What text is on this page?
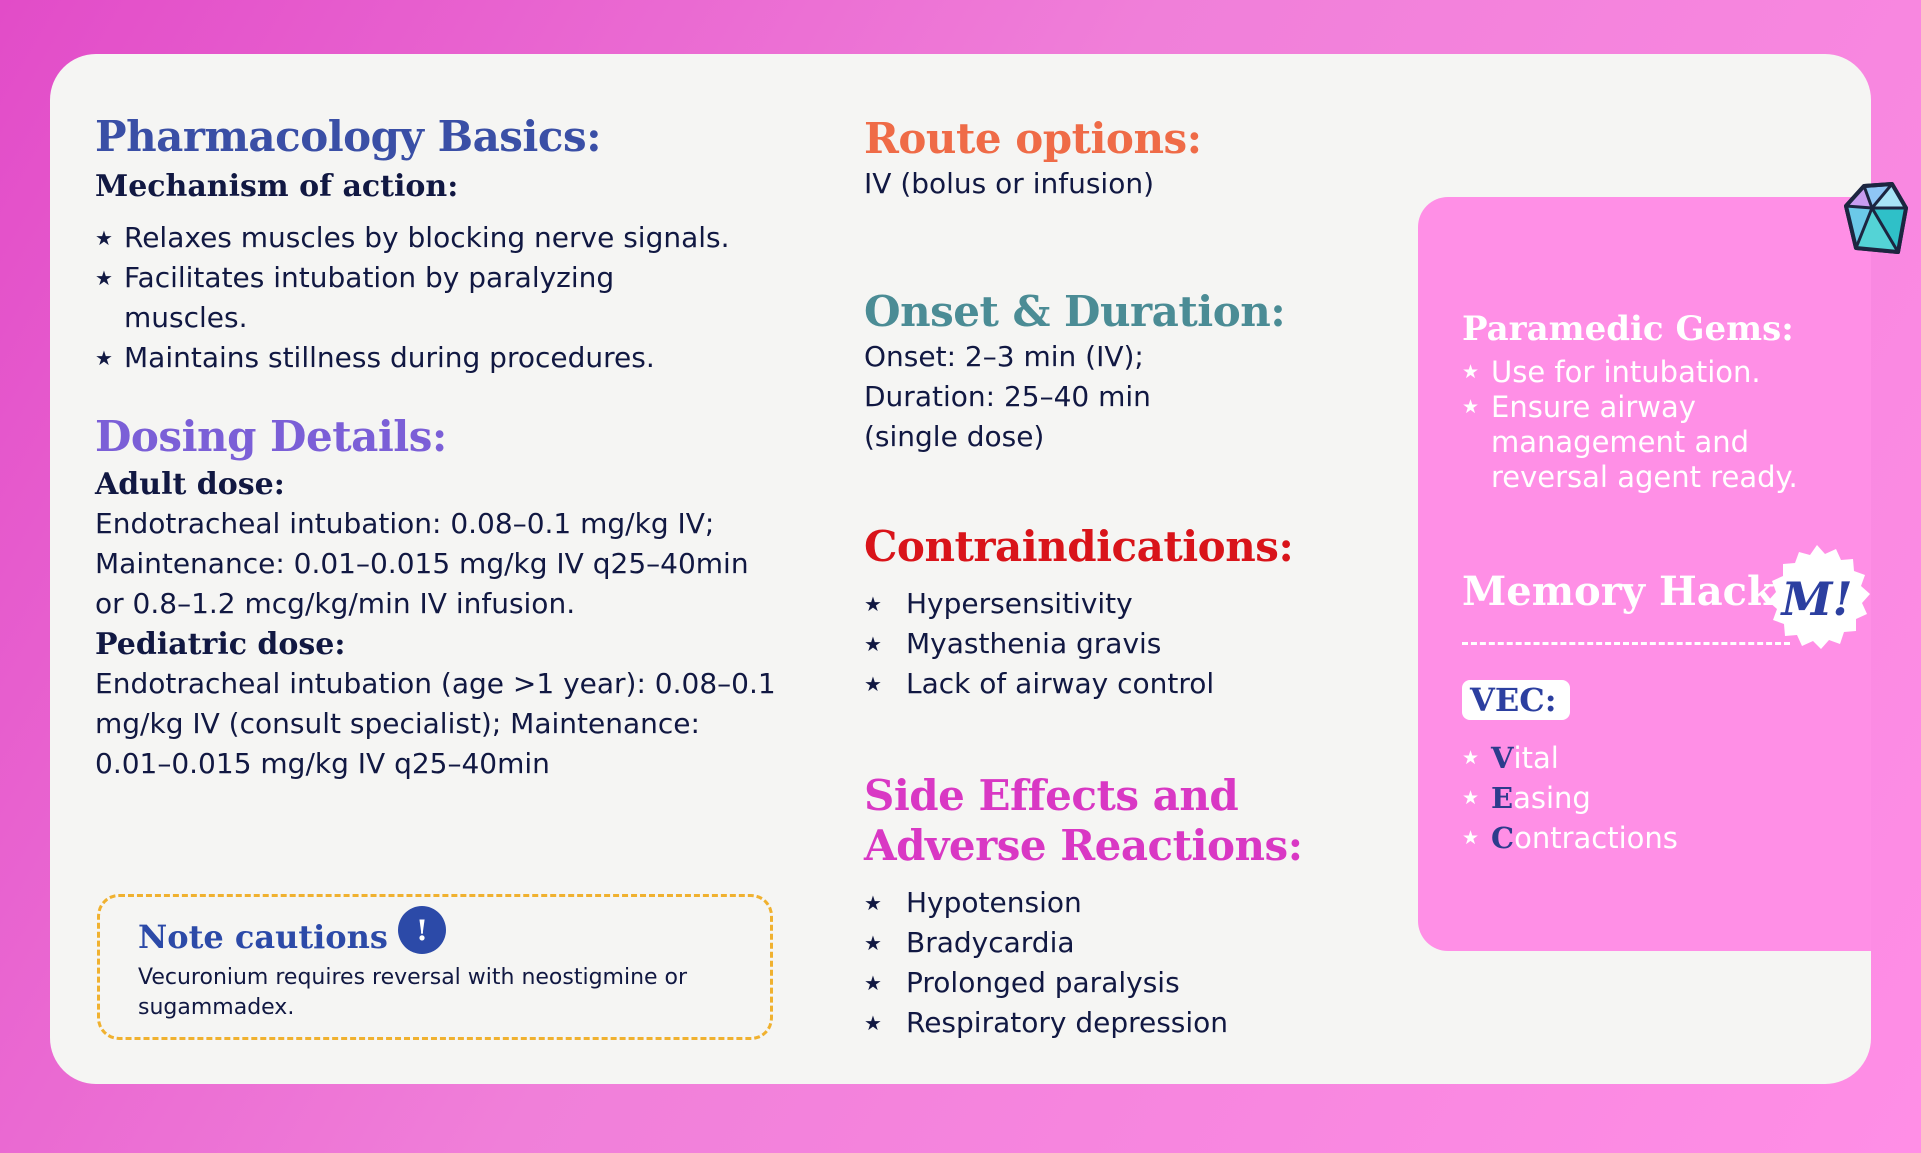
Pharmacology Basics:
Mechanism of action:
★ Relaxes muscles by blocking nerve signals.
★ Facilitates intubation by paralyzing muscles.
★ Maintains stillness during procedures.
Dosing Details:
Adult dose:
Endotracheal intubation: 0.08–0.1 mg/kg IV; Maintenance: 0.01–0.015 mg/kg IV q25–40min or 0.8–1.2 mcg/kg/min IV infusion.
Pediatric dose:
Endotracheal intubation (age >1 year): 0.08–0.1 mg/kg IV (consult specialist); Maintenance: 0.01–0.015 mg/kg IV q25–40min
Note cautions !
Vecuronium requires reversal with neostigmine or sugammadex.
Route options:
IV (bolus or infusion)
Onset & Duration:
Onset: 2–3 min (IV);
Duration: 25–40 min
(single dose)
Contraindications:
★ Hypersensitivity
★ Myasthenia gravis
★ Lack of airway control
Side Effects and
Adverse Reactions:
★ Hypotension
★ Bradycardia
★ Prolonged paralysis
★ Respiratory depression
Paramedic Gems:
★ Use for intubation.
★ Ensure airway management and reversal agent ready.
Memory Hack M!
VEC:
★ Vital
★ Easing
★ Contractions
